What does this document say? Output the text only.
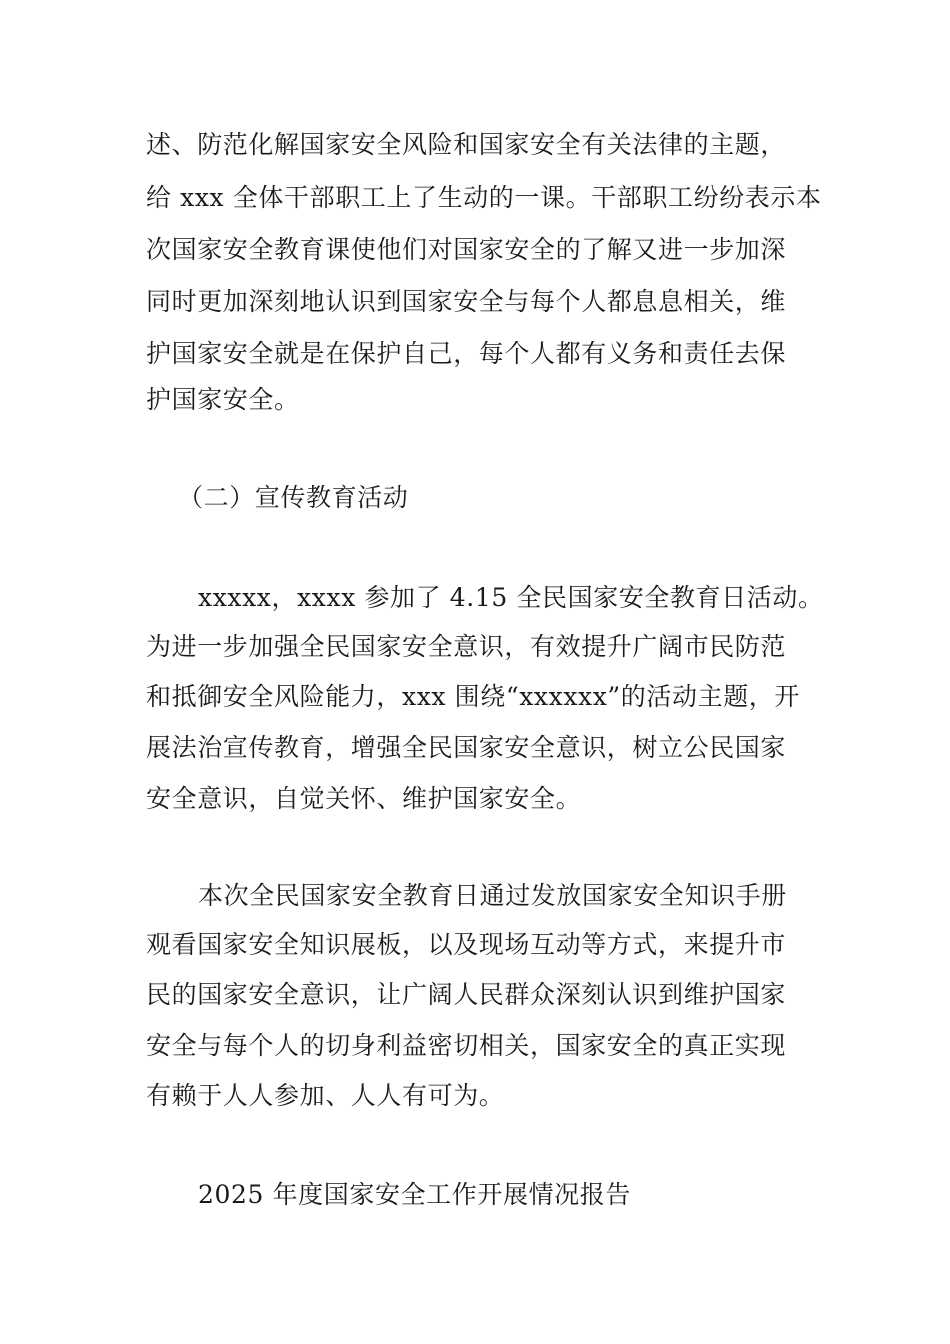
述、防范化解国家安全风险和国家安全有关法律的主题，
给 xxx 全体干部职工上了生动的一课。干部职工纷纷表示本
次国家安全教育课使他们对国家安全的了解又进一步加深
同时更加深刻地认识到国家安全与每个人都息息相关，维
护国家安全就是在保护自己，每个人都有义务和责任去保
护国家安全。
（二）宣传教育活动
xxxxx，xxxx 参加了 4.15 全民国家安全教育日活动。
为进一步加强全民国家安全意识，有效提升广阔市民防范
和抵御安全风险能力，xxx 围绕“xxxxxx”的活动主题，开
展法治宣传教育，增强全民国家安全意识，树立公民国家
安全意识，自觉关怀、维护国家安全。
本次全民国家安全教育日通过发放国家安全知识手册
观看国家安全知识展板，以及现场互动等方式，来提升市
民的国家安全意识，让广阔人民群众深刻认识到维护国家
安全与每个人的切身利益密切相关，国家安全的真正实现
有赖于人人参加、人人有可为。
2025 年度国家安全工作开展情况报告
